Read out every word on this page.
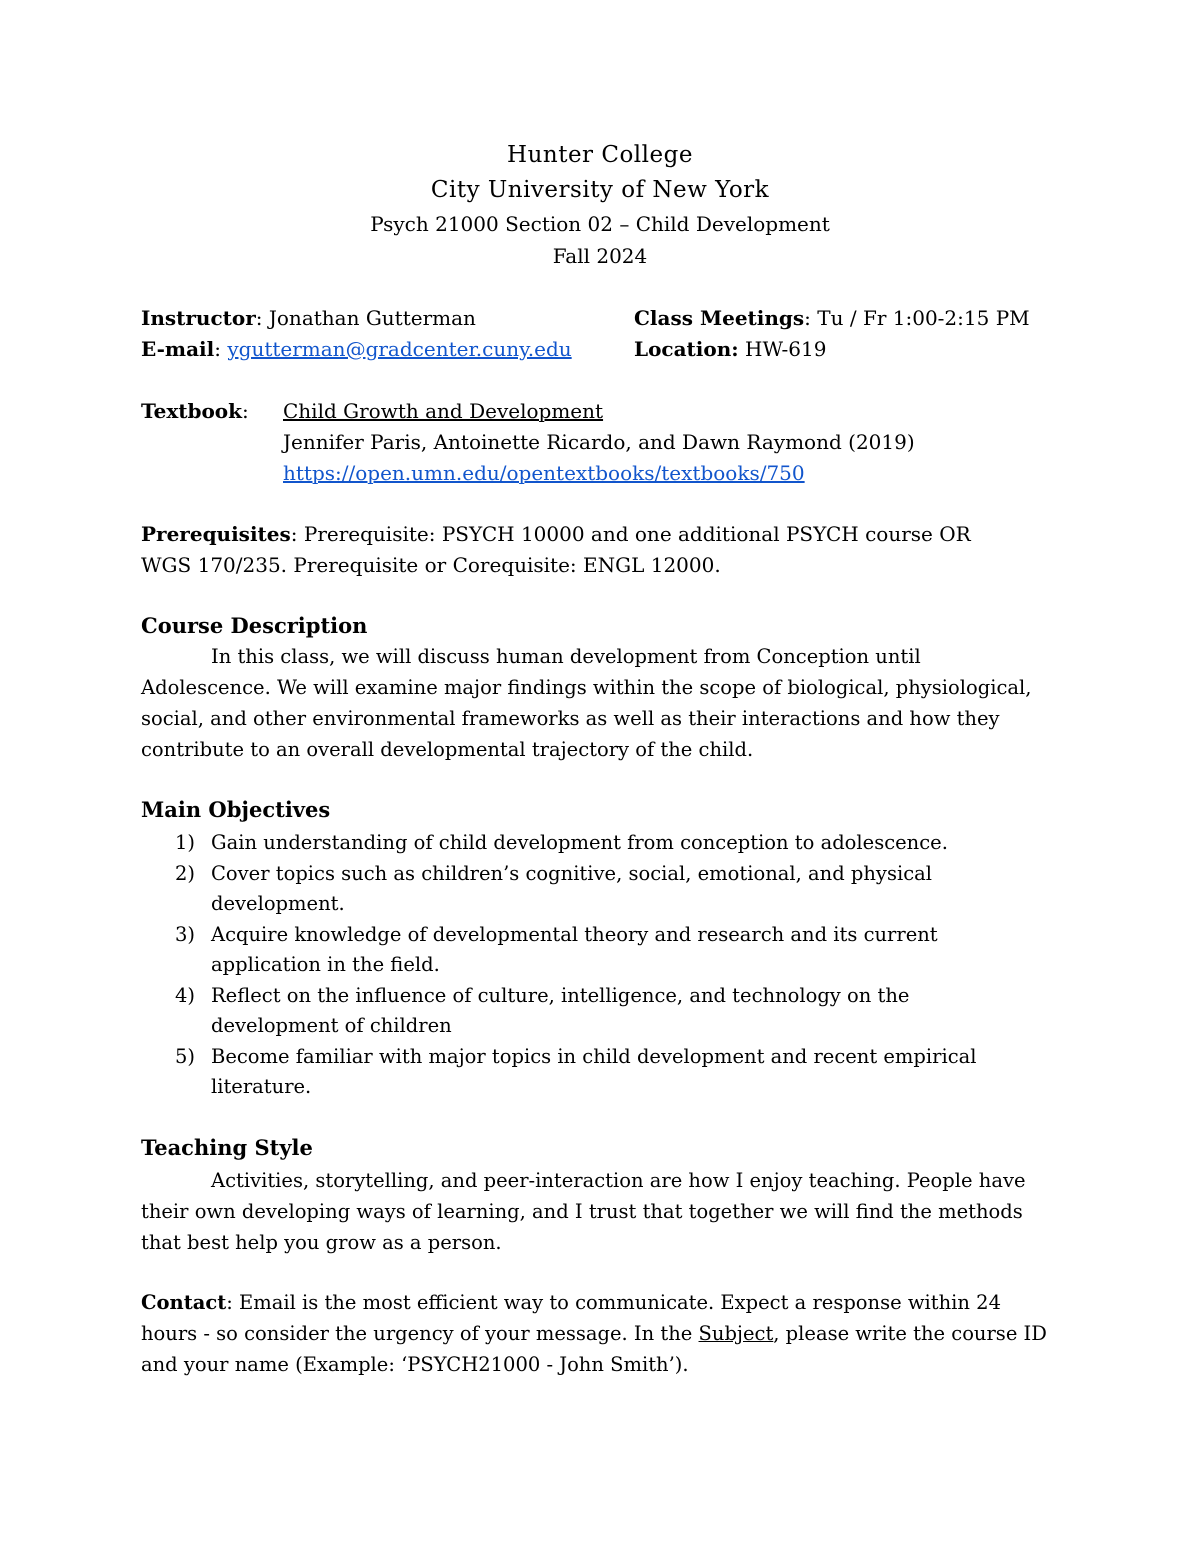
Hunter College
City University of New York
Psych 21000 Section 02 – Child Development
Fall 2024
Instructor: Jonathan Gutterman
E-mail: ygutterman@gradcenter.cuny.edu
Class Meetings: Tu / Fr 1:00-2:15 PM
Location: HW-619
Textbook: Child Growth and Development
Jennifer Paris, Antoinette Ricardo, and Dawn Raymond (2019)
https://open.umn.edu/opentextbooks/textbooks/750
Prerequisites: Prerequisite: PSYCH 10000 and one additional PSYCH course OR
WGS 170/235. Prerequisite or Corequisite: ENGL 12000.
Course Description
In this class, we will discuss human development from Conception until Adolescence. We will examine major findings within the scope of biological, physiological, social, and other environmental frameworks as well as their interactions and how they contribute to an overall developmental trajectory of the child.
Main Objectives
1) Gain understanding of child development from conception to adolescence.
2) Cover topics such as children’s cognitive, social, emotional, and physical development.
3) Acquire knowledge of developmental theory and research and its current application in the field.
4) Reflect on the influence of culture, intelligence, and technology on the development of children
5) Become familiar with major topics in child development and recent empirical literature.
Teaching Style
Activities, storytelling, and peer-interaction are how I enjoy teaching. People have their own developing ways of learning, and I trust that together we will find the methods that best help you grow as a person.
Contact: Email is the most efficient way to communicate. Expect a response within 24 hours - so consider the urgency of your message. In the Subject, please write the course ID and your name (Example: ‘PSYCH21000 - John Smith’).
